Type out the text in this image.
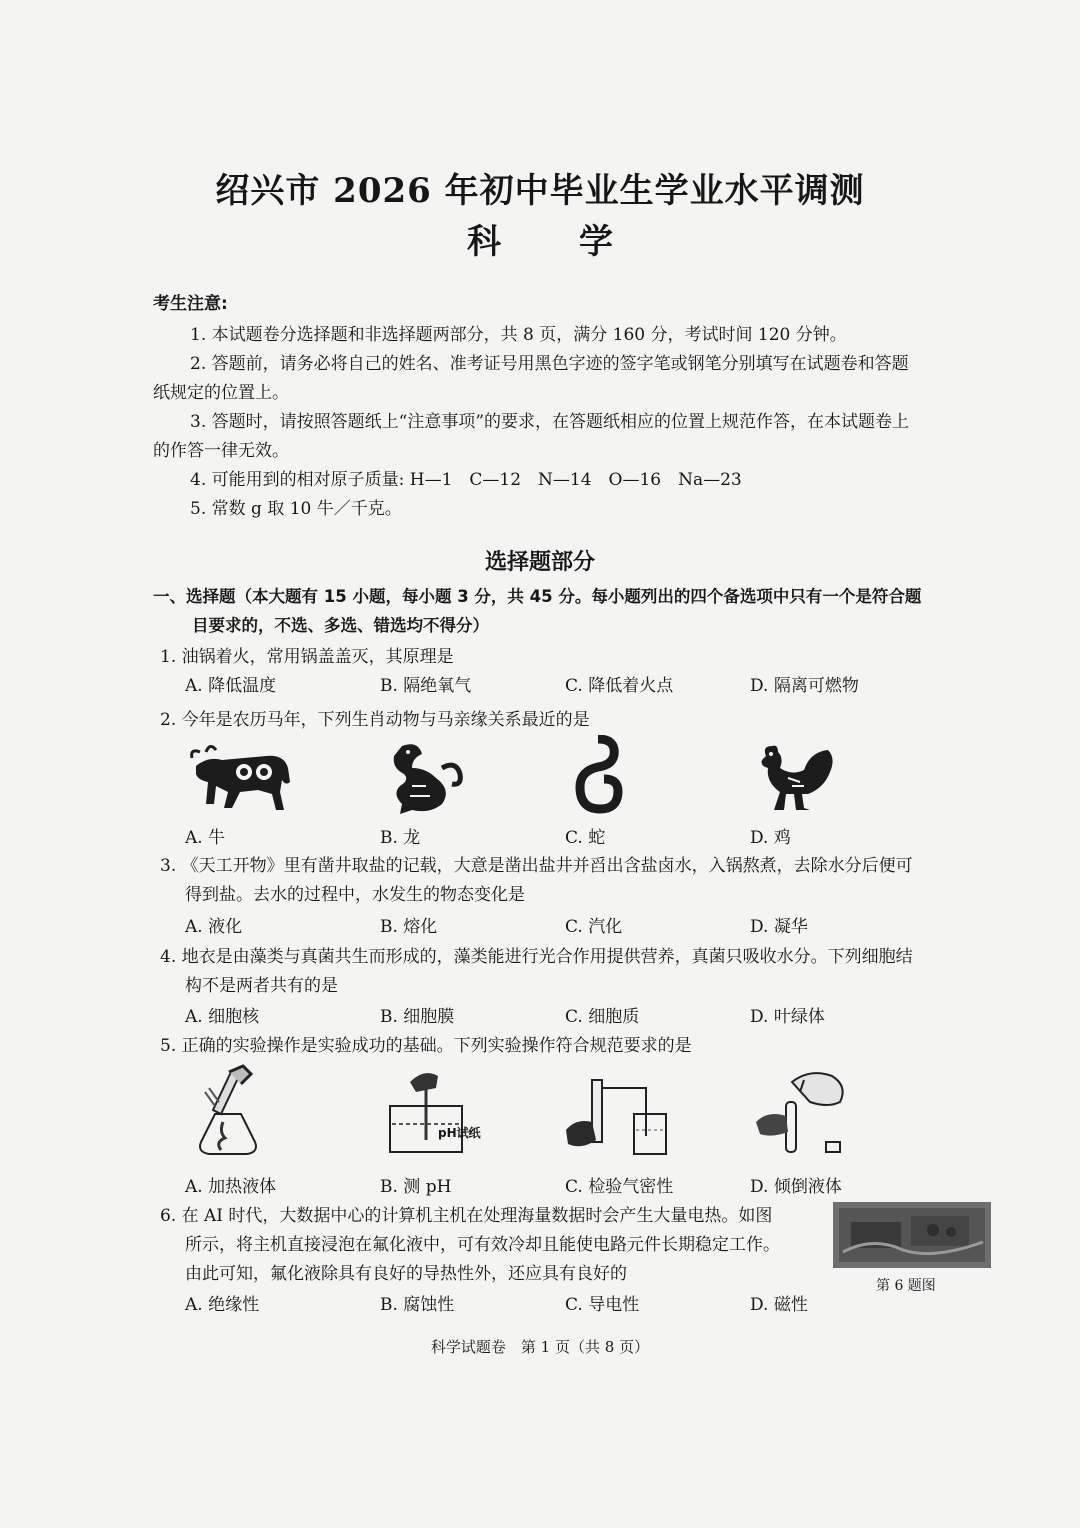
绍兴市 2026 年初中毕业生学业水平调测
科 学
考生注意:
1. 本试题卷分选择题和非选择题两部分，共 8 页，满分 160 分，考试时间 120 分钟。
2. 答题前，请务必将自己的姓名、准考证号用黑色字迹的签字笔或钢笔分别填写在试题卷和答题
纸规定的位置上。
3. 答题时，请按照答题纸上“注意事项”的要求，在答题纸相应的位置上规范作答，在本试题卷上
的作答一律无效。
4. 可能用到的相对原子质量: H—1　C—12　N—14　O—16　Na—23
5. 常数 g 取 10 牛／千克。
选择题部分
一、选择题（本大题有 15 小题，每小题 3 分，共 45 分。每小题列出的四个备选项中只有一个是符合题
目要求的，不选、多选、错选均不得分）
1. 油锅着火，常用锅盖盖灭，其原理是
A. 降低温度	B. 隔绝氧气	C. 降低着火点	D. 隔离可燃物
2. 今年是农历马年，下列生肖动物与马亲缘关系最近的是
A. 牛	B. 龙	C. 蛇	D. 鸡
3. 《天工开物》里有凿井取盐的记载，大意是凿出盐井并舀出含盐卤水，入锅熬煮，去除水分后便可
得到盐。去水的过程中，水发生的物态变化是
A. 液化	B. 熔化	C. 汽化	D. 凝华
4. 地衣是由藻类与真菌共生而形成的，藻类能进行光合作用提供营养，真菌只吸收水分。下列细胞结
构不是两者共有的是
A. 细胞核	B. 细胞膜	C. 细胞质	D. 叶绿体
5. 正确的实验操作是实验成功的基础。下列实验操作符合规范要求的是
pH试纸
A. 加热液体	B. 测 pH	C. 检验气密性	D. 倾倒液体
6. 在 AI 时代，大数据中心的计算机主机在处理海量数据时会产生大量电热。如图
所示，将主机直接浸泡在氟化液中，可有效冷却且能使电路元件长期稳定工作。
由此可知，氟化液除具有良好的导热性外，还应具有良好的
第 6 题图
A. 绝缘性	B. 腐蚀性	C. 导电性	D. 磁性
科学试题卷　第 1 页（共 8 页）
